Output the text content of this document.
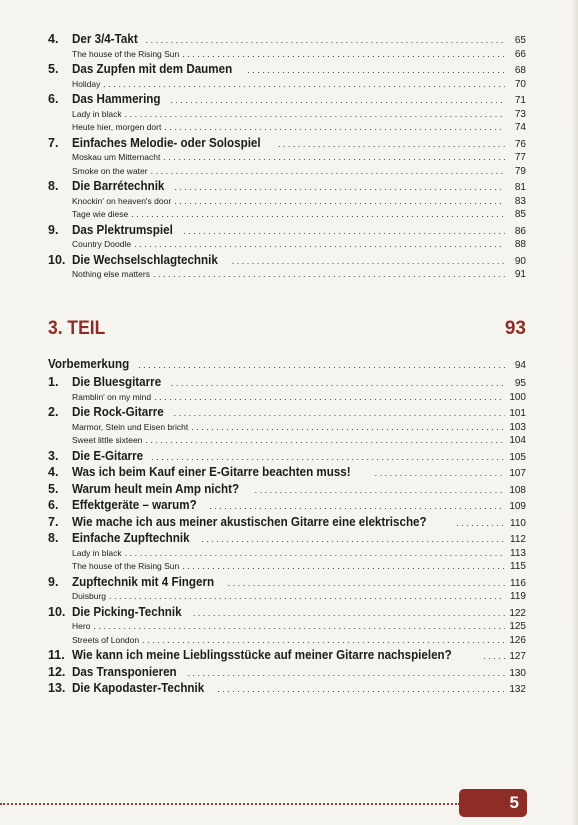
4.	Der 3/4-Takt . . .	65
The house of the Rising Sun . . .	66
5.	Das Zupfen mit dem Daumen . . .	68
Holiday . . .	70
6.	Das Hammering . . .	71
Lady in black . . .	73
Heute hier, morgen dort . . .	74
7.	Einfaches Melodie- oder Solospiel . . .	76
Moskau um Mitternacht . . .	77
Smoke on the water . . .	79
8.	Die Barrétechnik . . .	81
Knockin' on heaven's door . . .	83
Tage wie diese . . .	85
9.	Das Plektrumspiel . . .	86
Country Doodle . . .	88
10. Die Wechselschlagtechnik . . .	90
Nothing else matters . . .	91
3. TEIL	93
Vorbemerkung . . .	94
1.	Die Bluesgitarre . . .	95
Ramblin' on my mind . . .	100
2.	Die Rock-Gitarre . . .	101
Marmor, Stein und Eisen bricht . . .	103
Sweet little sixteen . . .	104
3.	Die E-Gitarre . . .	105
4.	Was ich beim Kauf einer E-Gitarre beachten muss! . . .	107
5.	Warum heult mein Amp nicht? . . .	108
6.	Effektgeräte – warum? . . .	109
7.	Wie mache ich aus meiner akustischen Gitarre eine elektrische? . . .	110
8.	Einfache Zupftechnik . . .	112
Lady in black . . .	113
The house of the Rising Sun . . .	115
9.	Zupftechnik mit 4 Fingern . . .	116
Duisburg . . .	119
10. Die Picking-Technik . . .	122
Hero . . .	125
Streets of London . . .	126
11. Wie kann ich meine Lieblingsstücke auf meiner Gitarre nachspielen? . . .	127
12. Das Transponieren . . .	130
13. Die Kapodaster-Technik . . .	132
5
